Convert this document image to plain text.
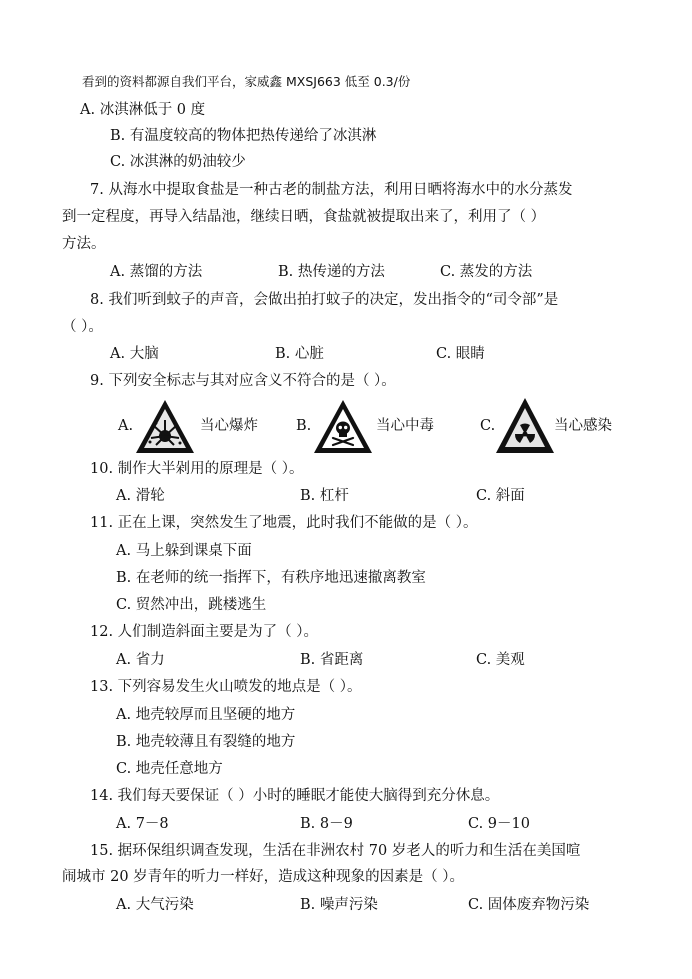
看到的资料都源自我们平台，家威鑫 MXSJ663 低至 0.3/份
A. 冰淇淋低于 0 度
B. 有温度较高的物体把热传递给了冰淇淋
C. 冰淇淋的奶油较少
7. 从海水中提取食盐是一种古老的制盐方法，利用日晒将海水中的水分蒸发
到一定程度，再导入结晶池，继续日晒，食盐就被提取出来了，利用了（ ）
方法。
A. 蒸馏的方法	B. 热传递的方法	C. 蒸发的方法
8. 我们听到蚊子的声音，会做出拍打蚊子的决定，发出指令的“司令部”是
（ ）。
A. 大脑	B. 心脏	C. 眼睛
9. 下列安全标志与其对应含义不符合的是（ ）。
A.	当心爆炸	B.	当心中毒	C.	当心感染
10. 制作大半剁用的原理是（ ）。
A. 滑轮	B. 杠杆	C. 斜面
11. 正在上课，突然发生了地震，此时我们不能做的是（ ）。
A. 马上躲到课桌下面
B. 在老师的统一指挥下，有秩序地迅速撤离教室
C. 贸然冲出，跳楼逃生
12. 人们制造斜面主要是为了（ ）。
A. 省力	B. 省距离	C. 美观
13. 下列容易发生火山喷发的地点是（ ）。
A. 地壳较厚而且坚硬的地方
B. 地壳较薄且有裂缝的地方
C. 地壳任意地方
14. 我们每天要保证（ ）小时的睡眠才能使大脑得到充分休息。
A. 7－8	B. 8－9	C. 9－10
15. 据环保组织调查发现，生活在非洲农村 70 岁老人的听力和生活在美国喧
闹城市 20 岁青年的听力一样好，造成这种现象的因素是（ ）。
A. 大气污染	B. 噪声污染	C. 固体废弃物污染
